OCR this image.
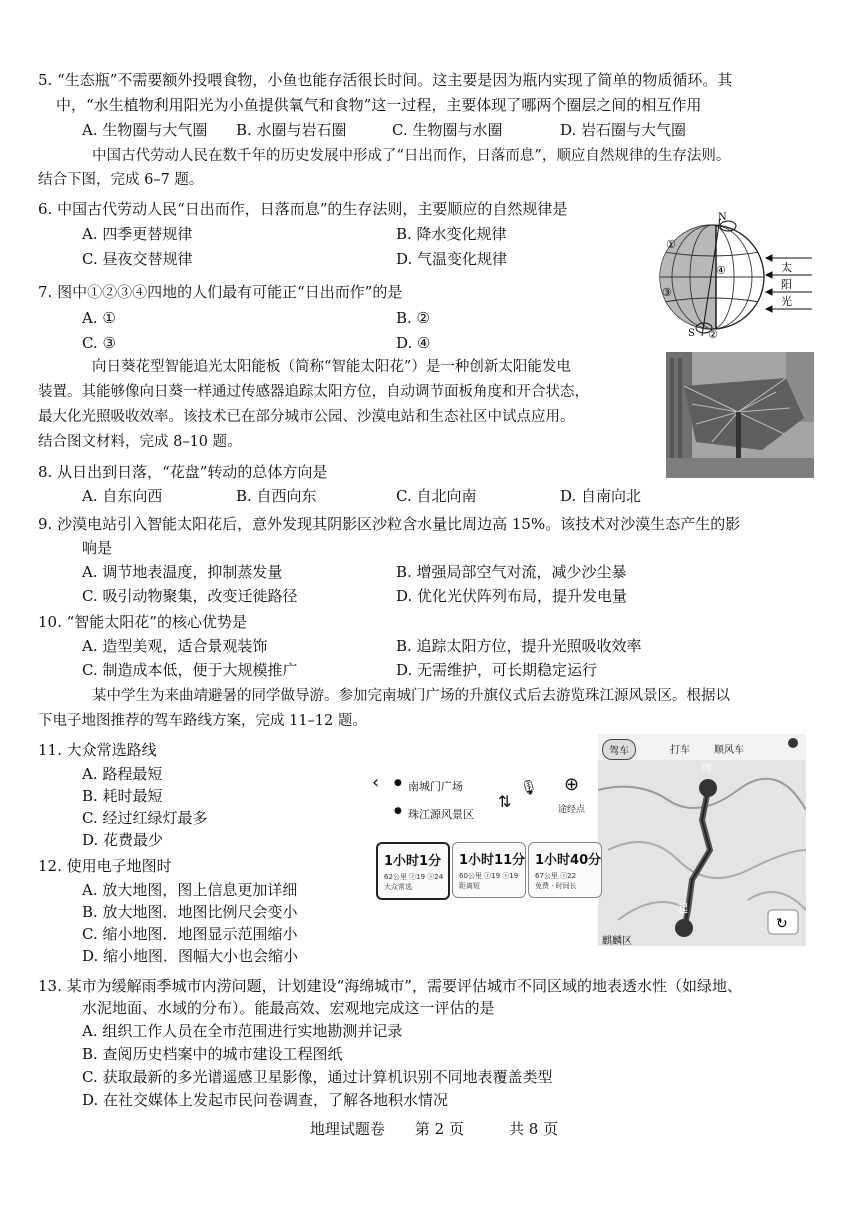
5. “生态瓶”不需要额外投喂食物，小鱼也能存活很长时间。这主要是因为瓶内实现了简单的物质循环。其
中，“水生植物利用阳光为小鱼提供氧气和食物”这一过程，主要体现了哪两个圈层之间的相互作用
A. 生物圈与大气圈 B. 水圈与岩石圈	C. 生物圈与水圈	D. 岩石圈与大气圈
中国古代劳动人民在数千年的历史发展中形成了“日出而作，日落而息”，顺应自然规律的生存法则。
结合下图，完成 6–7 题。
6. 中国古代劳动人民“日出而作，日落而息”的生存法则，主要顺应的自然规律是
A. 四季更替规律	B. 降水变化规律
C. 昼夜交替规律	D. 气温变化规律
7. 图中①②③④四地的人们最有可能正“日出而作”的是
A. ①	B. ②
C. ③	D. ④
N
S
①
②
③
④	太
阳
光
向日葵花型智能追光太阳能板（简称“智能太阳花”）是一种创新太阳能发电
装置。其能够像向日葵一样通过传感器追踪太阳方位，自动调节面板角度和开合状态，
最大化光照吸收效率。该技术已在部分城市公园、沙漠电站和生态社区中试点应用。
结合图文材料，完成 8–10 题。
8. 从日出到日落，“花盘”转动的总体方向是
A. 自东向西	B. 自西向东	C. 自北向南	D. 自南向北
9. 沙漠电站引入智能太阳花后，意外发现其阴影区沙粒含水量比周边高 15%。该技术对沙漠生态产生的影
响是
A. 调节地表温度，抑制蒸发量	B. 增强局部空气对流，减少沙尘暴
C. 吸引动物聚集，改变迁徙路径	D. 优化光伏阵列布局，提升发电量
10. “智能太阳花”的核心优势是
A. 造型美观，适合景观装饰	B. 追踪太阳方位，提升光照吸收效率
C. 制造成本低，便于大规模推广	D. 无需维护，可长期稳定运行
某中学生为来曲靖避暑的同学做导游。参加完南城门广场的升旗仪式后去游览珠江源风景区。根据以
下电子地图推荐的驾车路线方案，完成 11–12 题。
11. 大众常选路线
A. 路程最短
B. 耗时最短
C. 经过红绿灯最多
D. 花费最少
12. 使用电子地图时
A. 放大地图，图上信息更加详细
B. 放大地图．地图比例尺会变小
C. 缩小地图．地图显示范围缩小
D. 缩小地图．图幅大小也会缩小
↻
终
起
麒麟区
驾车	打车 顺风车
‹ ● 南城门广场
● 珠江源风景区
⇅
🎙 ⊕
途经点
1小时1分
62公里 ⓡ19 ⓢ24
大众常选
1小时11分
60公里 ⓡ19 ⓢ19
距离短
1小时40分
67公里 ⓡ22
免费 · 时间长
13. 某市为缓解雨季城市内涝问题，计划建设“海绵城市”，需要评估城市不同区域的地表透水性（如绿地、
水泥地面、水域的分布）。能最高效、宏观地完成这一评估的是
A. 组织工作人员在全市范围进行实地勘测并记录
B. 查阅历史档案中的城市建设工程图纸
C. 获取最新的多光谱遥感卫星影像，通过计算机识别不同地表覆盖类型
D. 在社交媒体上发起市民问卷调查，了解各地积水情况
地理试题卷　　第 2 页　　　共 8 页
